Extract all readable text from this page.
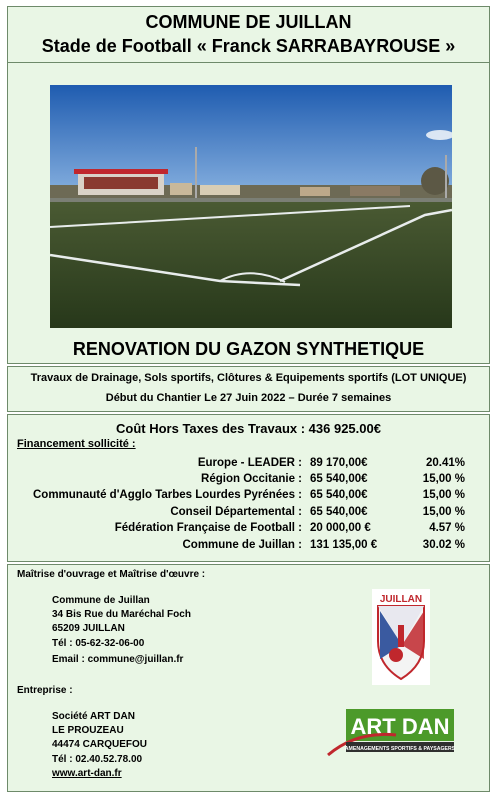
COMMUNE DE JUILLAN
Stade de Football « Franck SARRABAYROUSE »
RENOVATION DU GAZON SYNTHETIQUE
Travaux de Drainage, Sols sportifs, Clôtures & Equipements sportifs (LOT UNIQUE)
Début du Chantier Le 27 Juin 2022 – Durée 7 semaines
Coût Hors Taxes des Travaux : 436 925.00€
Financement sollicité :
Europe - LEADER : 89 170,00€	20.41%
Région Occitanie : 65 540,00€	15,00 %
Communauté d'Agglo Tarbes Lourdes Pyrénées : 65 540,00€	15,00 %
Conseil Départemental : 65 540,00€	15,00 %
Fédération Française de Football : 20 000,00 €	4.57 %
Commune de Juillan : 131 135,00 €	30.02 %
Maîtrise d'ouvrage et Maîtrise d'œuvre :
Commune de Juillan
34 Bis Rue du Maréchal Foch
65209 JUILLAN
Tél : 05-62-32-06-00
Email : commune@juillan.fr
JUILLAN
Entreprise :
Société ART DAN
LE PROUZEAU
44474 CARQUEFOU
Tél : 02.40.52.78.00
www.art-dan.fr
ART DAN
AMENAGEMENTS SPORTIFS & PAYSAGERS
